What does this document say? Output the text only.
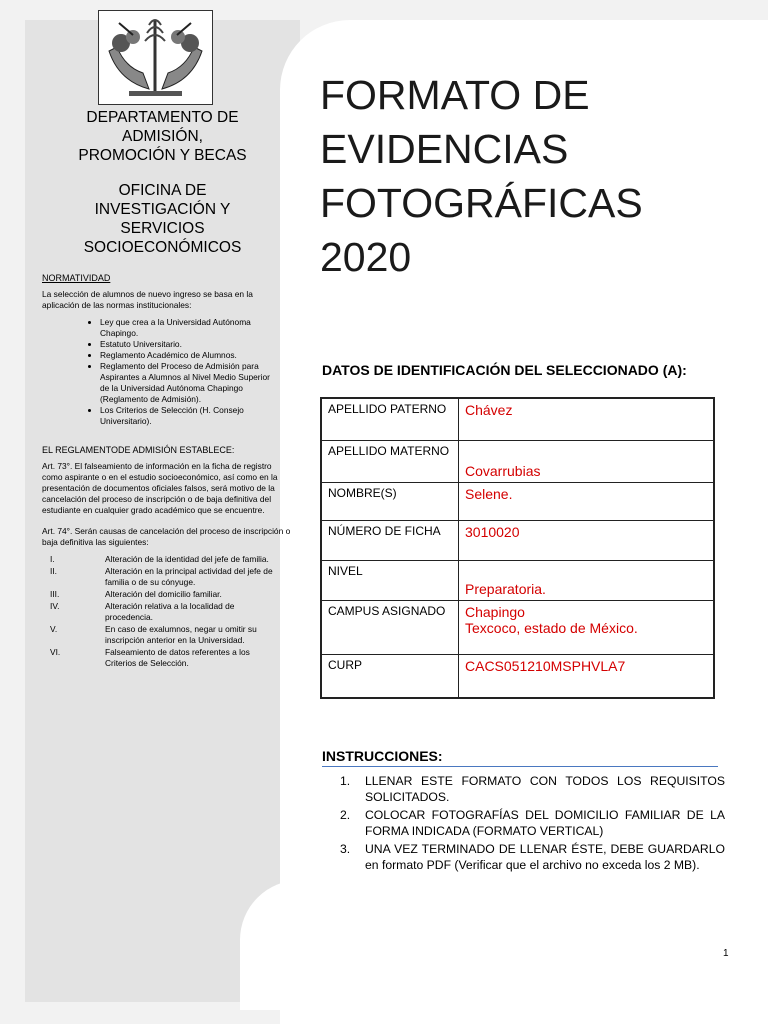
DEPARTAMENTO DE
ADMISIÓN,
PROMOCIÓN Y BECAS
OFICINA DE
INVESTIGACIÓN Y
SERVICIOS
SOCIOECONÓMICOS
NORMATIVIDAD

La selección de alumnos de nuevo ingreso se basa en la aplicación de las normas institucionales:

• Ley que crea a la Universidad Autónoma Chapingo.
• Estatuto Universitario.
• Reglamento Académico de Alumnos.
• Reglamento del Proceso de Admisión para Aspirantes a Alumnos al Nivel Medio Superior de la Universidad Autónoma Chapingo (Reglamento de Admisión).
• Los Criterios de Selección (H. Consejo Universitario).
EL REGLAMENTODE ADMISIÓN ESTABLECE:

Art. 73°. El falseamiento de información en la ficha de registro como aspirante o en el estudio socioeconómico, así como en la presentación de documentos oficiales falsos, será motivo de la cancelación del proceso de inscripción o de baja definitiva del estudiante en cualquier grado académico que se encuentre.

Art. 74°. Serán causas de cancelación del proceso de inscripción o baja definitiva las siguientes:

I.	Alteración de la identidad del jefe de familia.
II.	Alteración en la principal actividad del jefe de familia o de su cónyuge.
III.	Alteración del domicilio familiar.
IV.	Alteración relativa a la localidad de procedencia.
V.	En caso de exalumnos, negar u omitir su inscripción anterior en la Universidad.
VI.	Falseamiento de datos referentes a los Criterios de Selección.
FORMATO DE
EVIDENCIAS
FOTOGRÁFICAS
2020
DATOS DE IDENTIFICACIÓN DEL SELECCIONADO (A):
APELLIDO PATERNO	Chávez
APELLIDO MATERNO	Covarrubias
NOMBRE(S)	Selene.
NÚMERO DE FICHA	3010020
NIVEL	Preparatoria.
CAMPUS ASIGNADO	Chapingo
Texcoco, estado de México.

CURP	CACS051210MSPHVLA7
INSTRUCCIONES:
1.	LLENAR ESTE FORMATO CON TODOS LOS REQUISITOS SOLICITADOS.
2.	COLOCAR FOTOGRAFÍAS DEL DOMICILIO FAMILIAR DE LA FORMA INDICADA (FORMATO VERTICAL)
3.	UNA VEZ TERMINADO DE LLENAR ÉSTE, DEBE GUARDARLO en formato PDF (Verificar que el archivo no exceda los 2 MB).
1
